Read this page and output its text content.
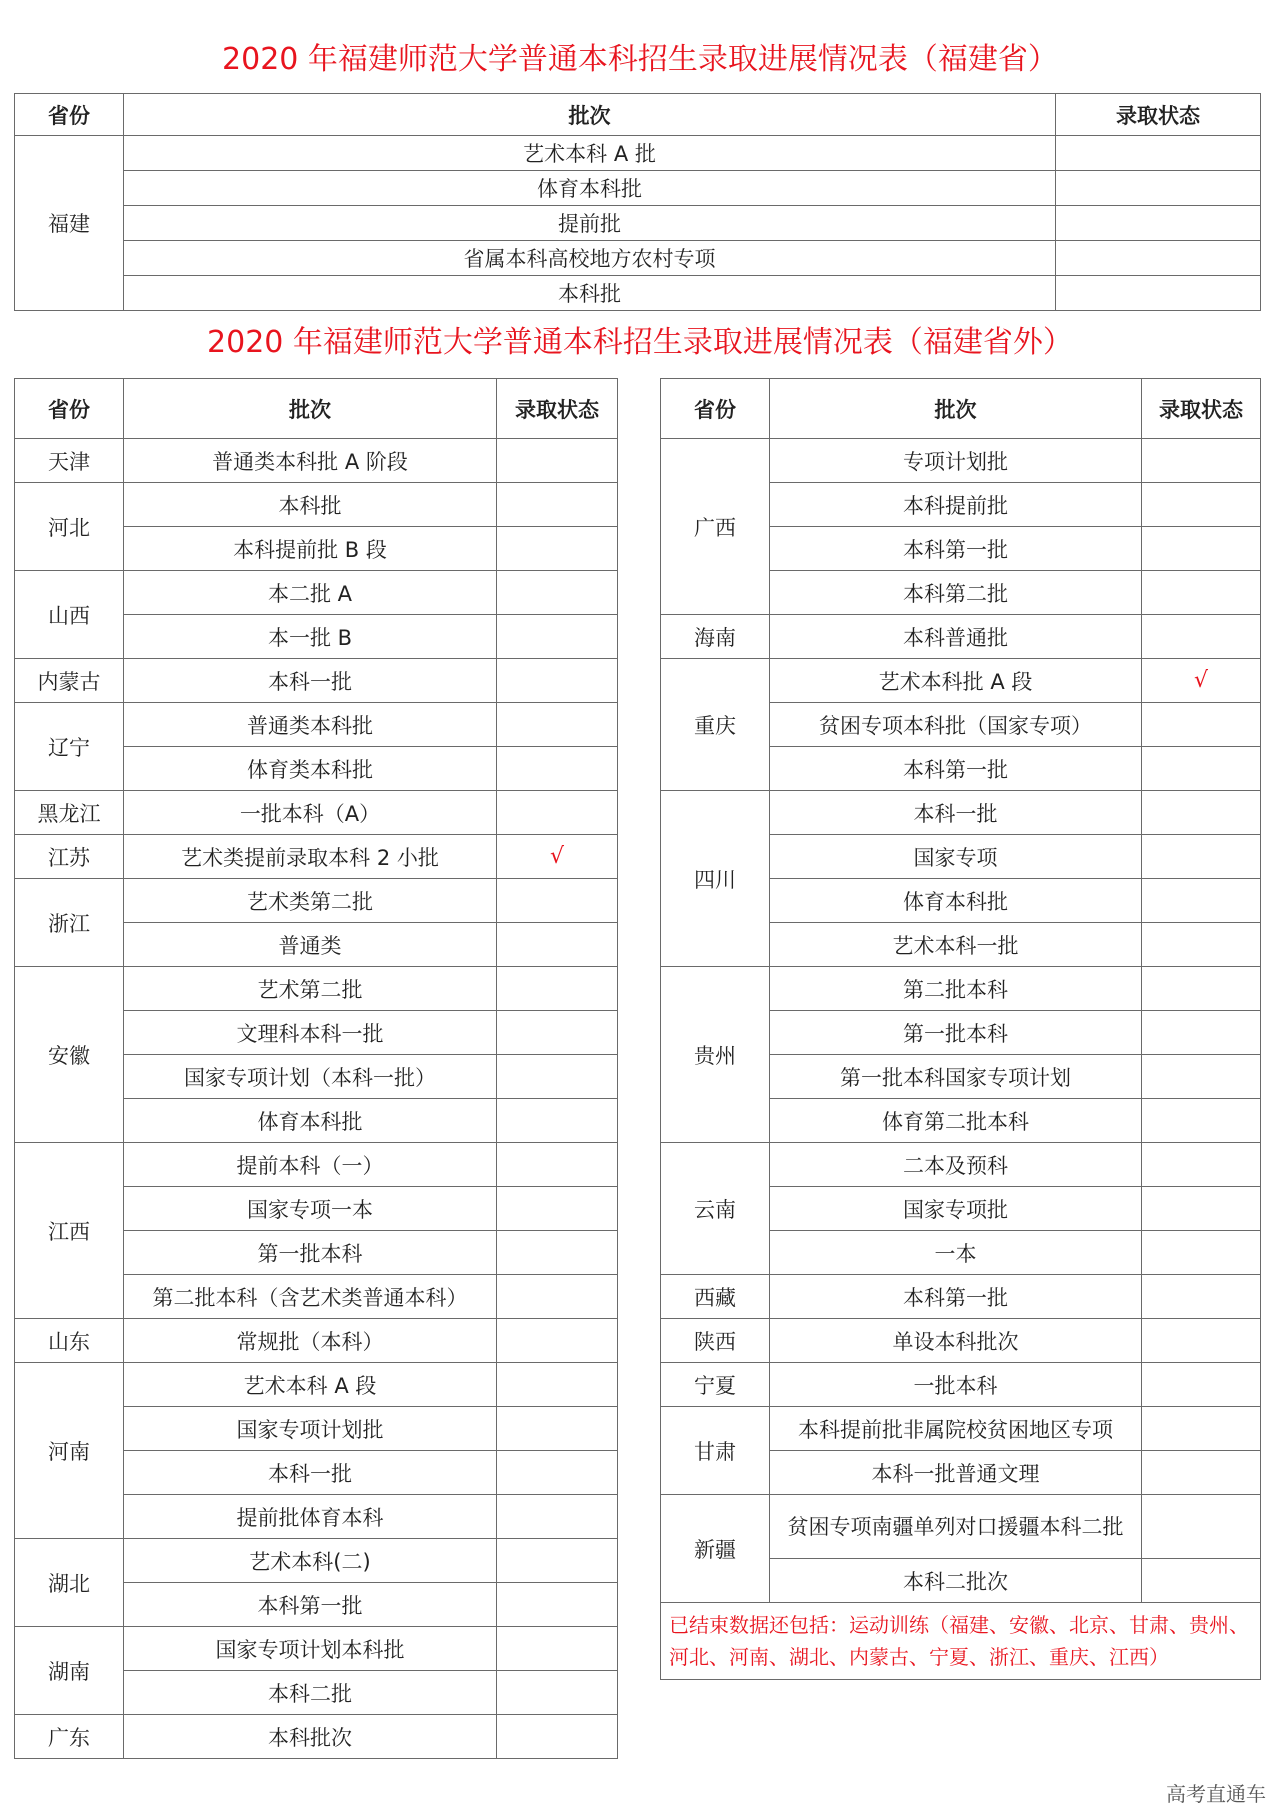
2020 年福建师范大学普通本科招生录取进展情况表（福建省）
省份	批次	录取状态
福建	艺术本科 A 批	
	体育本科批	
	提前批	
	省属本科高校地方农村专项	
	本科批	
2020 年福建师范大学普通本科招生录取进展情况表（福建省外）
省份	批次	录取状态
天津	普通类本科批 A 阶段	
河北	本科批	
	本科提前批 B 段	
山西	本二批 A	
	本一批 B	
内蒙古	本科一批	
辽宁	普通类本科批	
	体育类本科批	
黑龙江	一批本科（A）	
江苏	艺术类提前录取本科 2 小批	√
浙江	艺术类第二批	
	普通类	
安徽	艺术第二批	
	文理科本科一批	
	国家专项计划（本科一批）	
	体育本科批	
江西	提前本科（一）	
	国家专项一本	
	第一批本科	
	第二批本科（含艺术类普通本科）	
山东	常规批（本科）	
河南	艺术本科 A 段	
	国家专项计划批	
	本科一批	
	提前批体育本科	
湖北	艺术本科(二)	
	本科第一批	
湖南	国家专项计划本科批	
	本科二批	
广东	本科批次	
省份	批次	录取状态
广西	专项计划批	
	本科提前批	
	本科第一批	
	本科第二批	
海南	本科普通批	
重庆	艺术本科批 A 段	√
	贫困专项本科批（国家专项）	
	本科第一批	
四川	本科一批	
	国家专项	
	体育本科批	
	艺术本科一批	
贵州	第二批本科	
	第一批本科	
	第一批本科国家专项计划	
	体育第二批本科	
云南	二本及预科	
	国家专项批	
	一本	
西藏	本科第一批	
陕西	单设本科批次	
宁夏	一批本科	
甘肃	本科提前批非属院校贫困地区专项	
	本科一批普通文理	
新疆	贫困专项南疆单列对口援疆本科二批	
	本科二批次	
已结束数据还包括：运动训练（福建、安徽、北京、甘肃、贵州、河北、河南、湖北、内蒙古、宁夏、浙江、重庆、江西）		
高考直通车
